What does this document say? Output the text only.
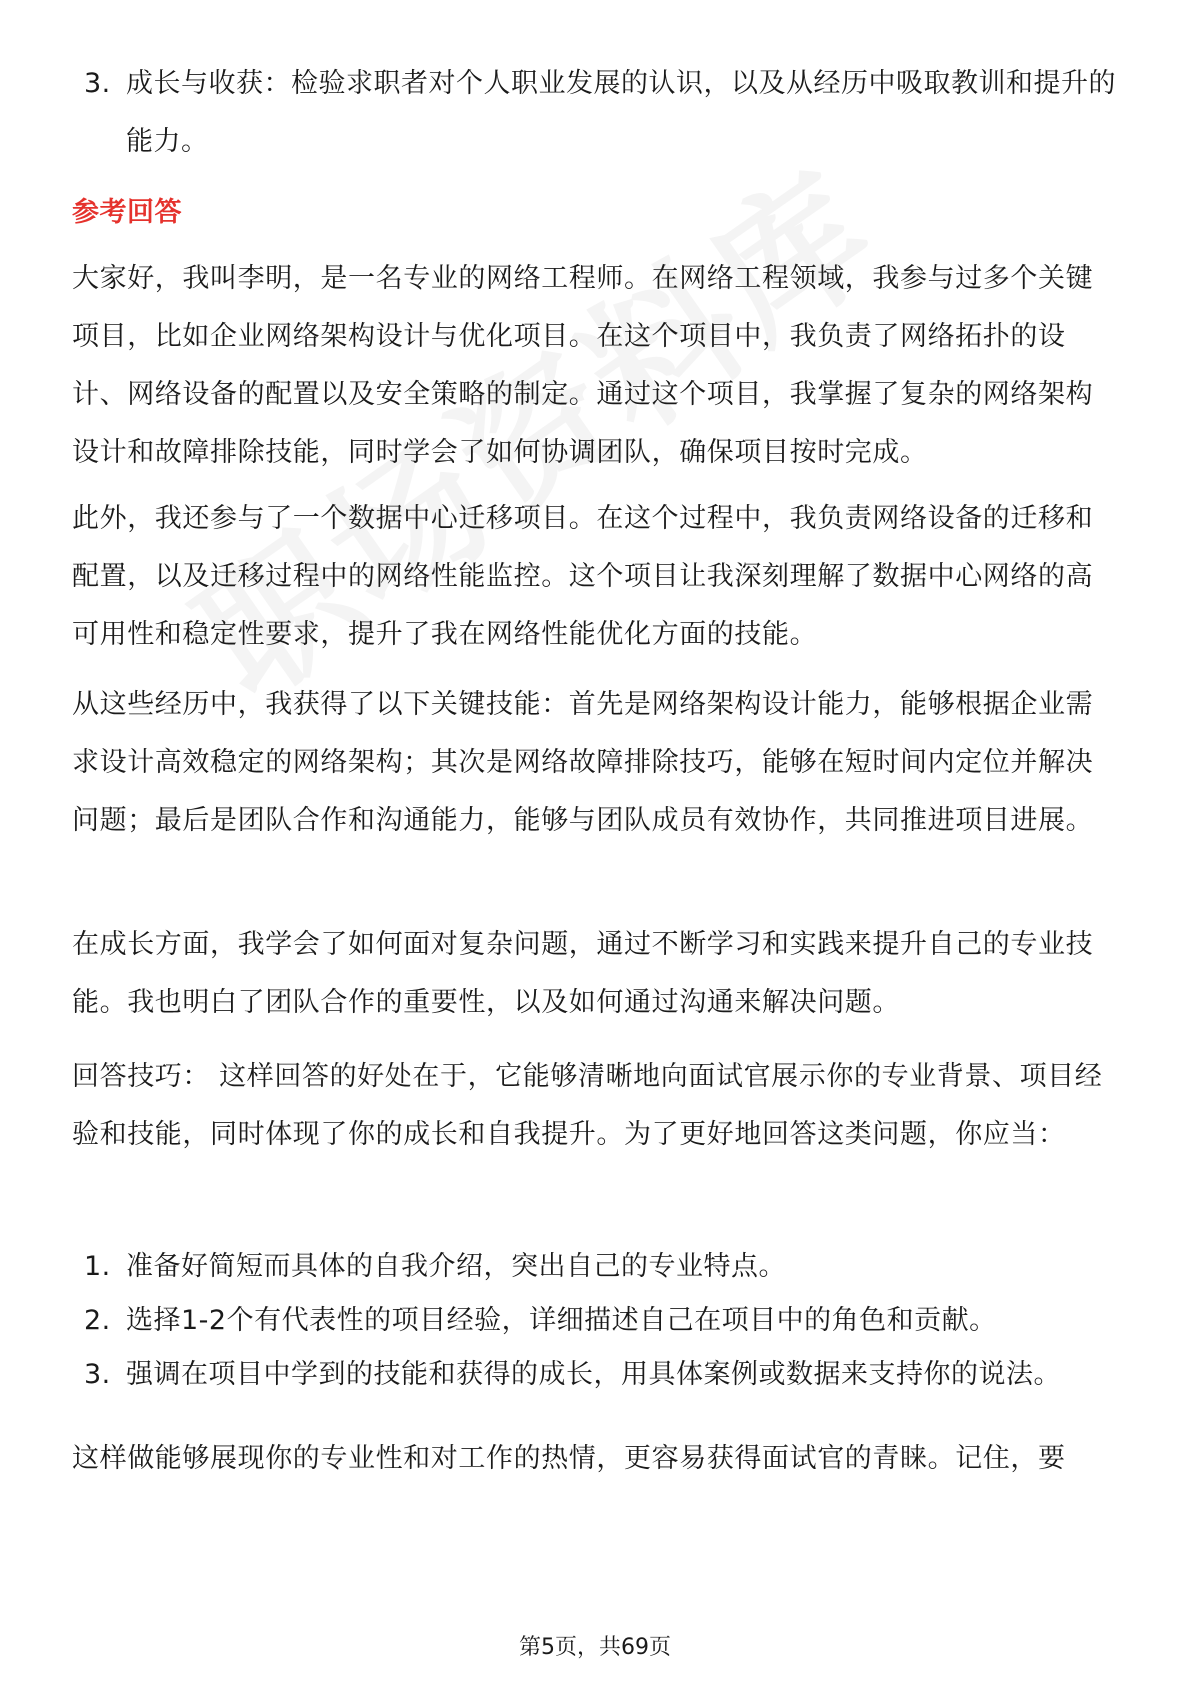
3. 成长与收获：检验求职者对个人职业发展的认识，以及从经历中吸取教训和提升的能力。
参考回答
大家好，我叫李明，是一名专业的网络工程师。在网络工程领域，我参与过多个关键项目，比如企业网络架构设计与优化项目。在这个项目中，我负责了网络拓扑的设计、网络设备的配置以及安全策略的制定。通过这个项目，我掌握了复杂的网络架构设计和故障排除技能，同时学会了如何协调团队，确保项目按时完成。
此外，我还参与了一个数据中心迁移项目。在这个过程中，我负责网络设备的迁移和配置，以及迁移过程中的网络性能监控。这个项目让我深刻理解了数据中心网络的高可用性和稳定性要求，提升了我在网络性能优化方面的技能。
从这些经历中，我获得了以下关键技能：首先是网络架构设计能力，能够根据企业需求设计高效稳定的网络架构；其次是网络故障排除技巧，能够在短时间内定位并解决问题；最后是团队合作和沟通能力，能够与团队成员有效协作，共同推进项目进展。
在成长方面，我学会了如何面对复杂问题，通过不断学习和实践来提升自己的专业技能。我也明白了团队合作的重要性，以及如何通过沟通来解决问题。
回答技巧： 这样回答的好处在于，它能够清晰地向面试官展示你的专业背景、项目经验和技能，同时体现了你的成长和自我提升。为了更好地回答这类问题，你应当：
1. 准备好简短而具体的自我介绍，突出自己的专业特点。
2. 选择1-2个有代表性的项目经验，详细描述自己在项目中的角色和贡献。
3. 强调在项目中学到的技能和获得的成长，用具体案例或数据来支持你的说法。
这样做能够展现你的专业性和对工作的热情，更容易获得面试官的青睐。记住，要
第5页，共69页
